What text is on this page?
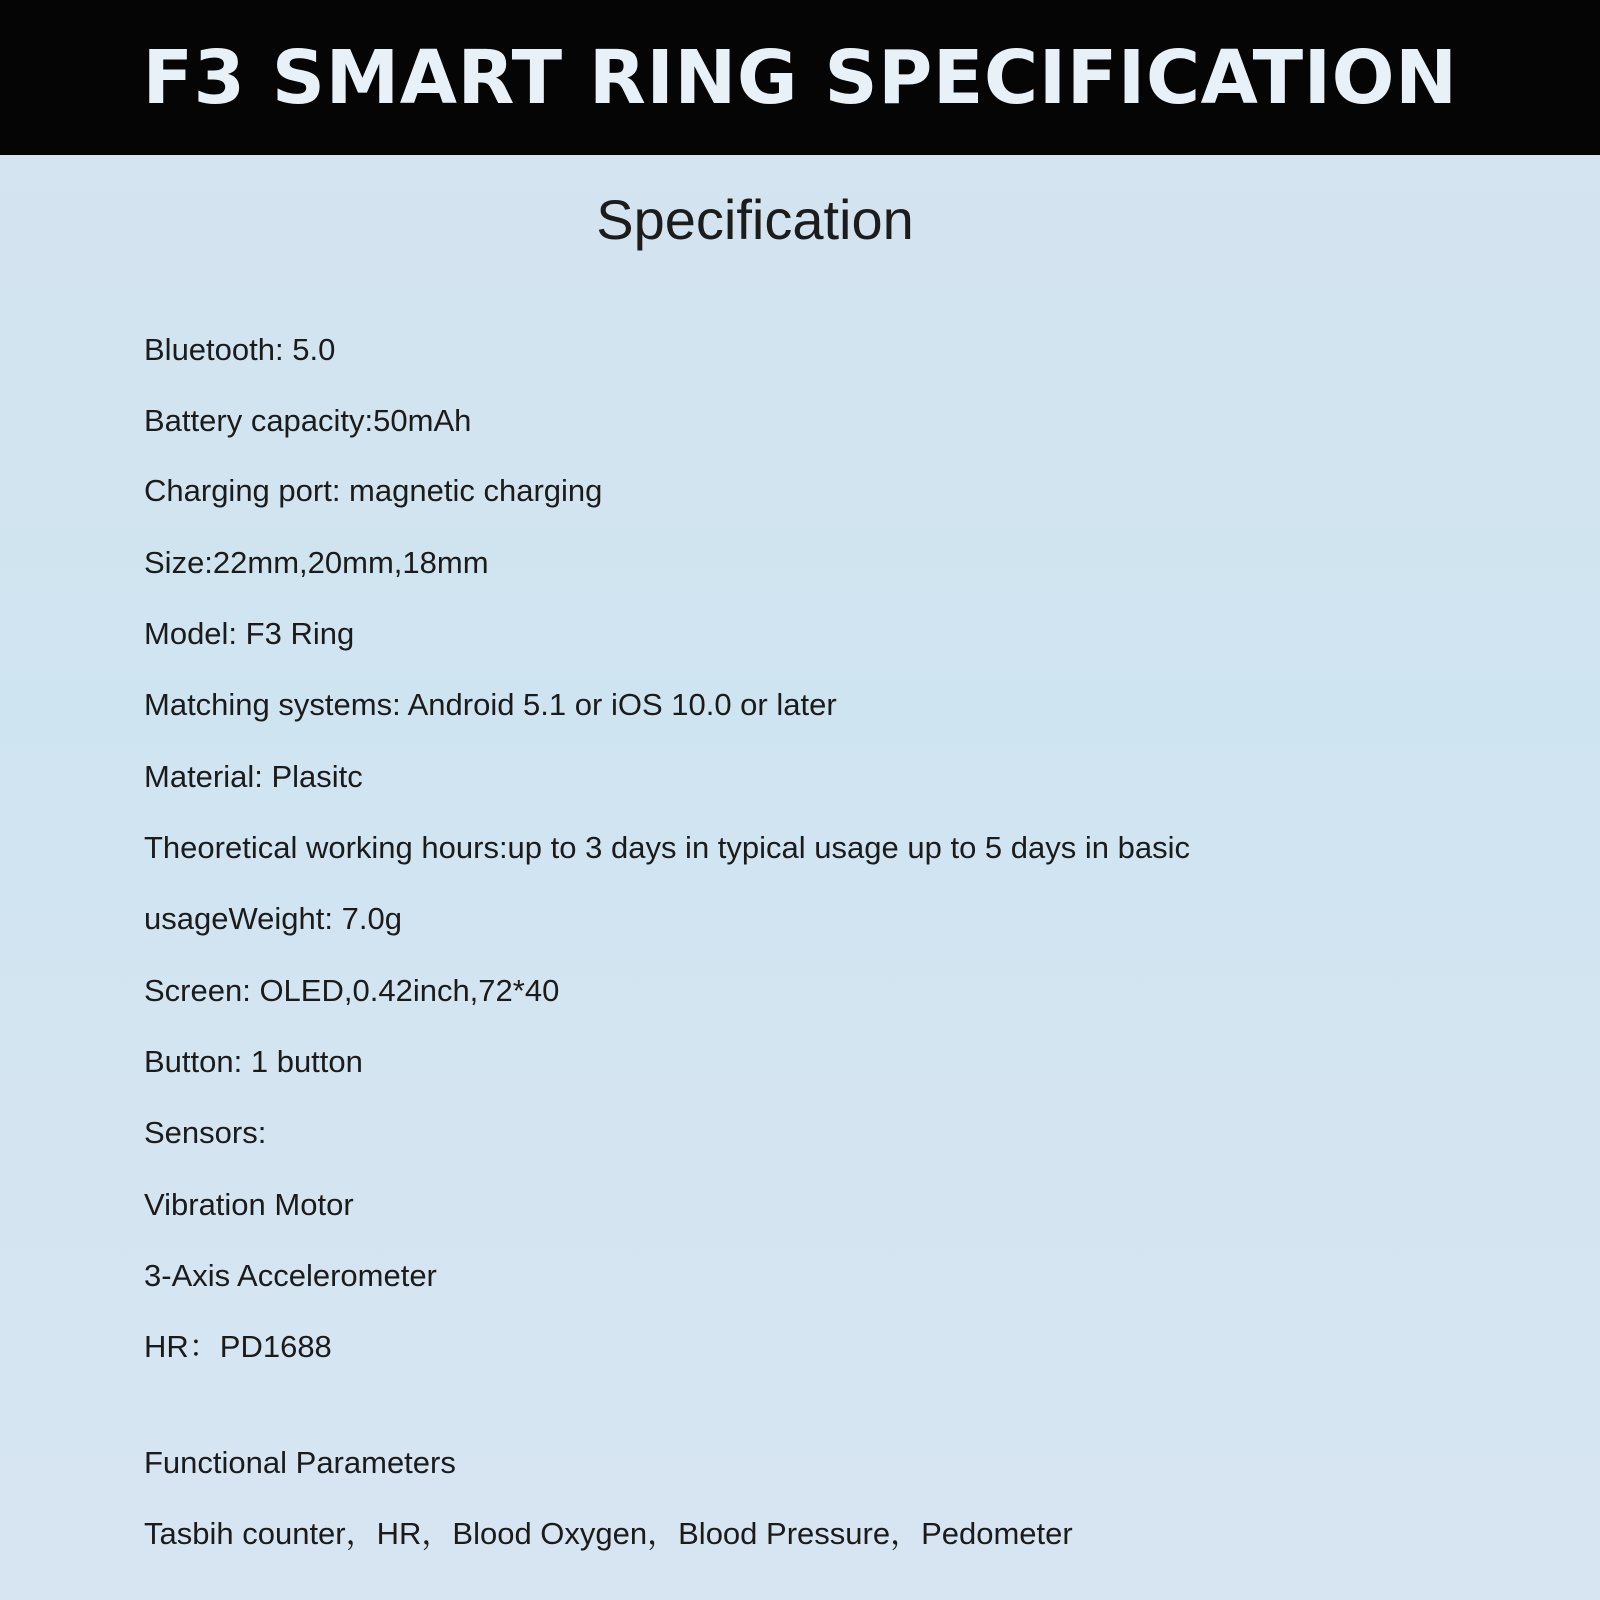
F3 SMART RING SPECIFICATION
Specification
Bluetooth: 5.0
Battery capacity:50mAh
Charging port: magnetic charging
Size:22mm,20mm,18mm
Model: F3 Ring
Matching systems: Android 5.1 or iOS 10.0 or later
Material: Plasitc
Theoretical working hours:up to 3 days in typical usage up to 5 days in basic
usageWeight: 7.0g
Screen: OLED,0.42inch,72*40
Button: 1 button
Sensors:
Vibration Motor
3-Axis Accelerometer
HR：PD1688
Functional Parameters
Tasbih counter，HR，Blood Oxygen，Blood Pressure，Pedometer
